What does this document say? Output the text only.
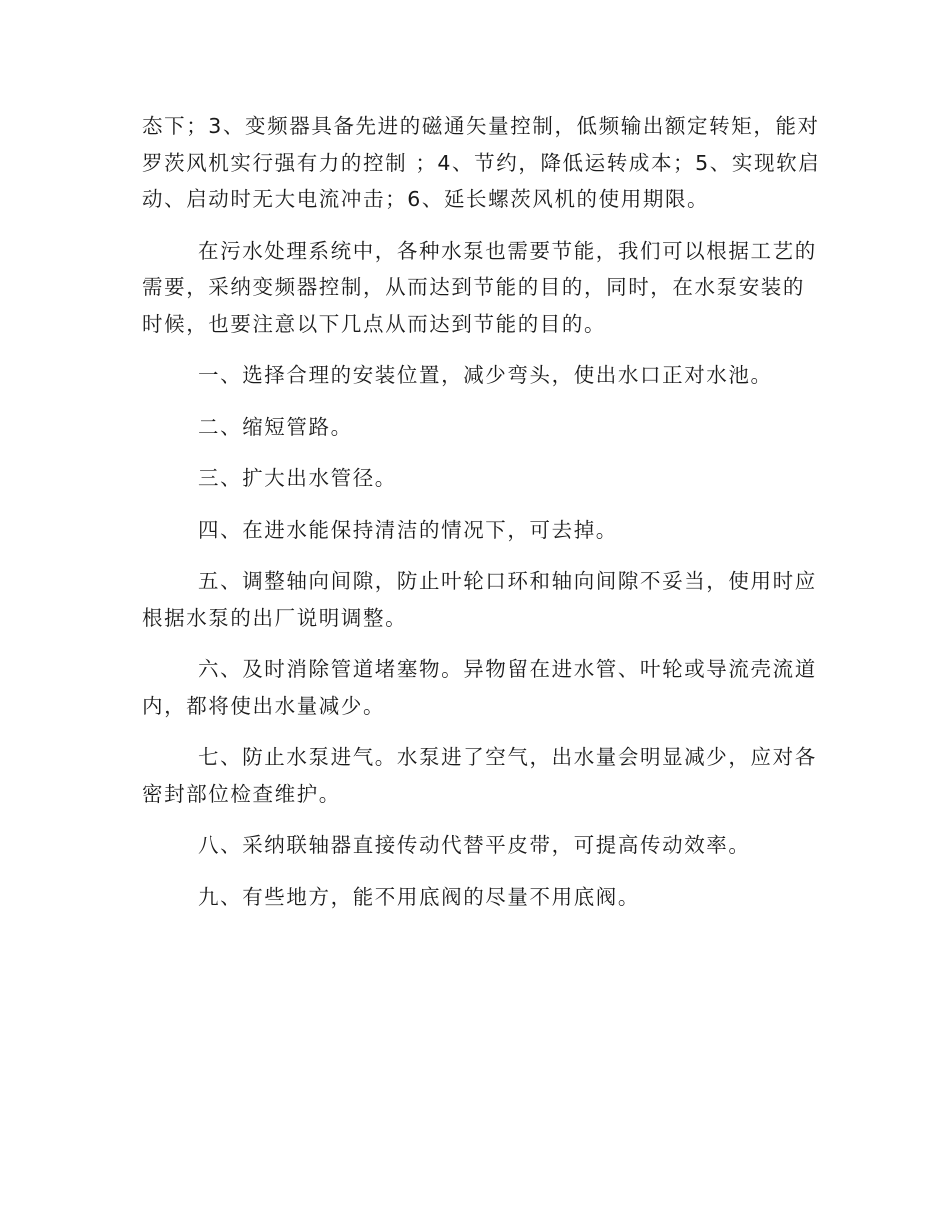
态下；3、变频器具备先进的磁通矢量控制，低频输出额定转矩，能对
罗茨风机实行强有力的控制 ；4、节约，降低运转成本；5、实现软启
动、启动时无大电流冲击；6、延长螺茨风机的使用期限。

在污水处理系统中，各种水泵也需要节能，我们可以根据工艺的
需要，采纳变频器控制，从而达到节能的目的，同时，在水泵安装的
时候，也要注意以下几点从而达到节能的目的。

一、选择合理的安装位置，减少弯头，使出水口正对水池。

二、缩短管路。

三、扩大出水管径。

四、在进水能保持清洁的情况下，可去掉。

五、调整轴向间隙，防止叶轮口环和轴向间隙不妥当，使用时应
根据水泵的出厂说明调整。

六、及时消除管道堵塞物。异物留在进水管、叶轮或导流壳流道
内，都将使出水量减少。

七、防止水泵进气。水泵进了空气，出水量会明显减少，应对各
密封部位检查维护。

八、采纳联轴器直接传动代替平皮带，可提高传动效率。

九、有些地方，能不用底阀的尽量不用底阀。
